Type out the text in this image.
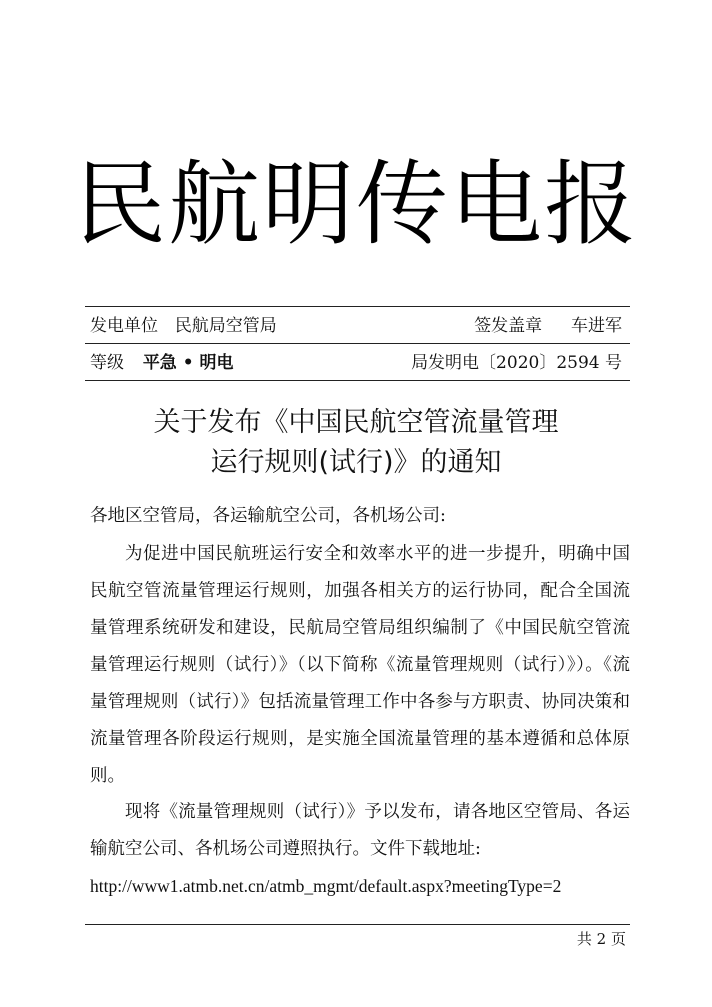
民航明传电报
发电单位 民航局空管局	签发盖章 车进军
等级 平急 • 明电	局发明电〔2020〕2594 号
关于发布《中国民航空管流量管理
运行规则(试行)》的通知
各地区空管局，各运输航空公司，各机场公司:

为促进中国民航班运行安全和效率水平的进一步提升，明确中国民航空管流量管理运行规则，加强各相关方的运行协同，配合全国流量管理系统研发和建设，民航局空管局组织编制了《中国民航空管流量管理运行规则（试行）》（以下简称《流量管理规则（试行）》）。《流量管理规则（试行）》包括流量管理工作中各参与方职责、协同决策和流量管理各阶段运行规则，是实施全国流量管理的基本遵循和总体原则。

现将《流量管理规则（试行）》予以发布，请各地区空管局、各运输航空公司、各机场公司遵照执行。文件下载地址:

http://www1.atmb.net.cn/atmb_mgmt/default.aspx?meetingType=2
共 2 页
